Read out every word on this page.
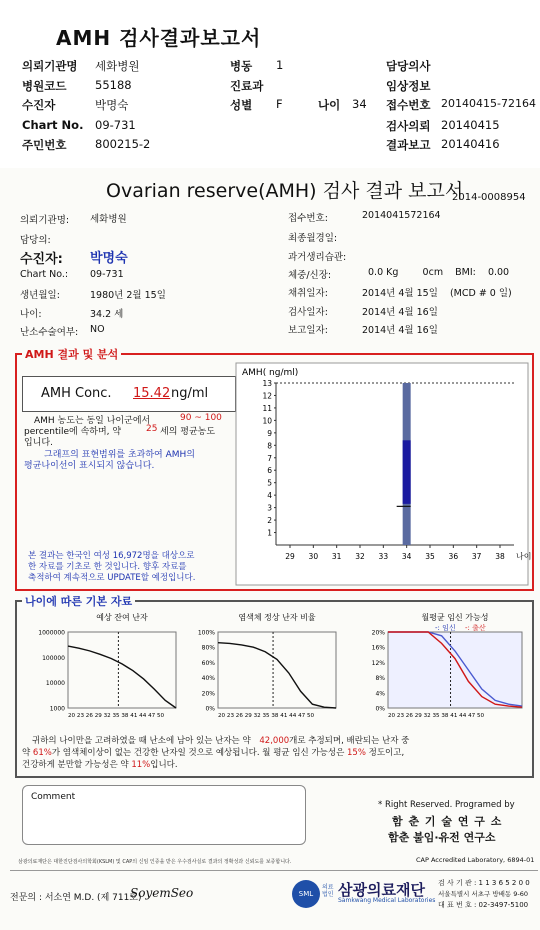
AMH 검사결과보고서
의뢰기관명 세화병원	병동 1	담당의사
병원코드 55188	진료과	임상정보
수진자	박명숙	성별 F	나이 34 접수번호 20140415-72164
Chart No. 09-731	검사의뢰 20140415
주민번호 800215-2	결과보고 20140416
Ovarian reserve(AMH) 검사 결과 보고서
2014-0008954
의뢰기관명: 세화병원
담당의:
수진자: 박명숙
Chart No.: 09-731
생년월일:	1980년 2월 15일
나이:	34.2 세
난소수술여부: NO
접수번호:	2014041572164
최종월경일:
과거생리습관:
체중/신장:	0.0 Kg        0cm    BMI:    0.00
채취일자:	2014년 4월 15일    (MCD # 0 일)
검사일자:	2014년 4월 16일
보고일자:	2014년 4월 16일
AMH 결과 및 분석
AMH Conc. 15.42 ng/ml
AMH 농도는 동일 나이군에서	90 ~ 100
percentile에 속하며, 약	25 세의 평균농도
입니다.
그래프의 표현범위를 초과하여 AMH의
평균나이선이 표시되지 않습니다.
본 결과는 한국인 여성 16,972명을 대상으로
한 자료를 기초로 한 것입니다. 향후 자료를
축적하여 계속적으로 UPDATE할 예정입니다.
AMH( ng/ml)
1
2
3
4
5
6
7
8
9
10
11
12
13
29 30 31 32 33 34 35 36 37 38 나이
나이에 따른 기본 자료
예상 잔여 난자
1000000
100000
10000
1000
20 23 26 29 32 35 38 41 44 47 50
염색체 정상 난자 비율
100%
80%
60%
40%
20%
0%
20 23 26 29 32 35 38 41 44 47 50
월평균 임신 가능성
20%
16%
12%
8%
4%
0%
20 23 26 29 32 35 38 41 44 47 50
-: 임신 -: 출산
귀하의 나이만을 고려하였을 때 난소에 남아 있는 난자는 약 42,000개로 추정되며, 배란되는 난자 중
약 61%가 염색체이상이 없는 건강한 난자일 것으로 예상됩니다. 월 평균 임신 가능성은 15% 정도이고,
건강하게 분만할 가능성은 약 11%입니다.
Comment
* Right Reserved. Programed by
함 춘 기 술 연 구 소
함춘 불임·유전 연구소
삼광의료재단은 대한진단검사의학회(KSLM) 및 CAP의 신임 인증을 받은 우수검사실로 결과의 정확성과 신뢰도를 보증합니다.	CAP Accredited Laboratory, 6894-01
전문의 : 서소연 M.D. (제 711호)
SoyemSeo	SML
의료법인 삼광의료재단
Samkwang Medical Laboratories
검 사 기 관 : 1 1 3 6 5 2 0 0
서울특별시 서초구 방배동 9-60
대 표 번 호 : 02-3497-5100
